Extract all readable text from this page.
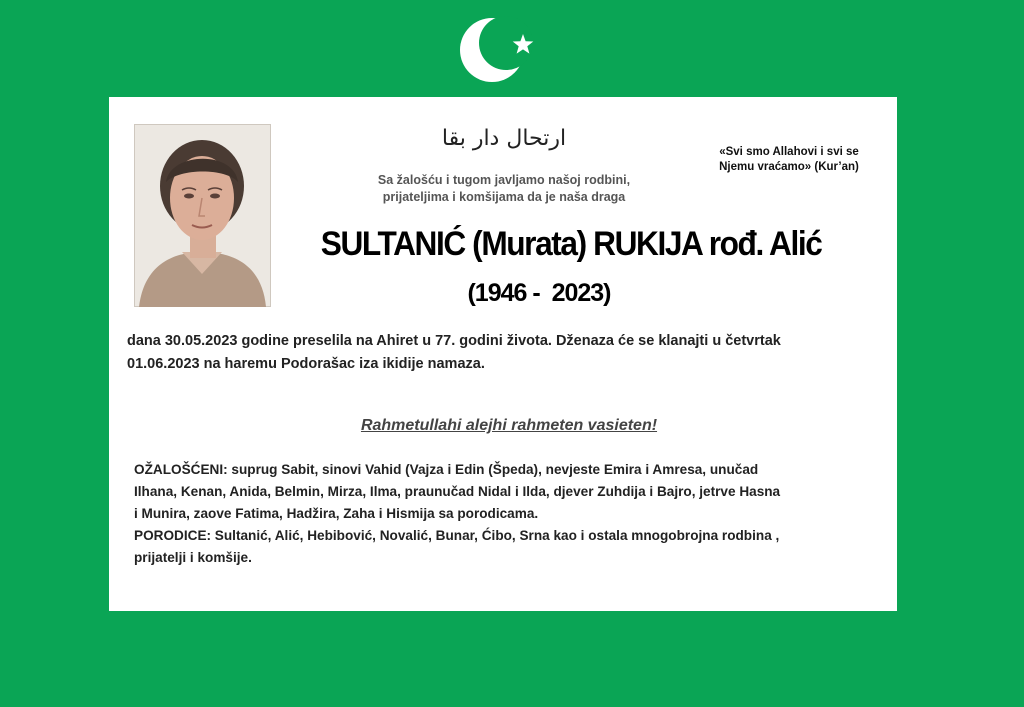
ارتحال دار بقا
Sa žalošću i tugom javljamo našoj rodbini,
prijateljima i komšijama da je naša draga
«Svi smo Allahovi i svi se
Njemu vraćamo» (Kur’an)
SULTANIĆ (Murata) RUKIJA rođ. Alić
(1946 -  2023)
dana 30.05.2023 godine preselila na Ahiret u 77. godini života. Dženaza će se klanajti u četvrtak
01.06.2023 na haremu Podorašac iza ikidije namaza.
Rahmetullahi alejhi rahmeten vasieten!

OŽALOŠĆENI: suprug Sabit, sinovi Vahid (Vajza i Edin (Špeda), nevjeste Emira i Amresa, unučad

Ilhana, Kenan, Anida, Belmin, Mirza, Ilma, praunučad Nidal i Ilda, djever Zuhdija i Bajro, jetrve Hasna

i Munira, zaove Fatima, Hadžira, Zaha i Hismija sa porodicama.

PORODICE: Sultanić, Alić, Hebibović, Novalić, Bunar, Ćibo, Srna kao i ostala mnogobrojna rodbina ,

prijatelji i komšije.
